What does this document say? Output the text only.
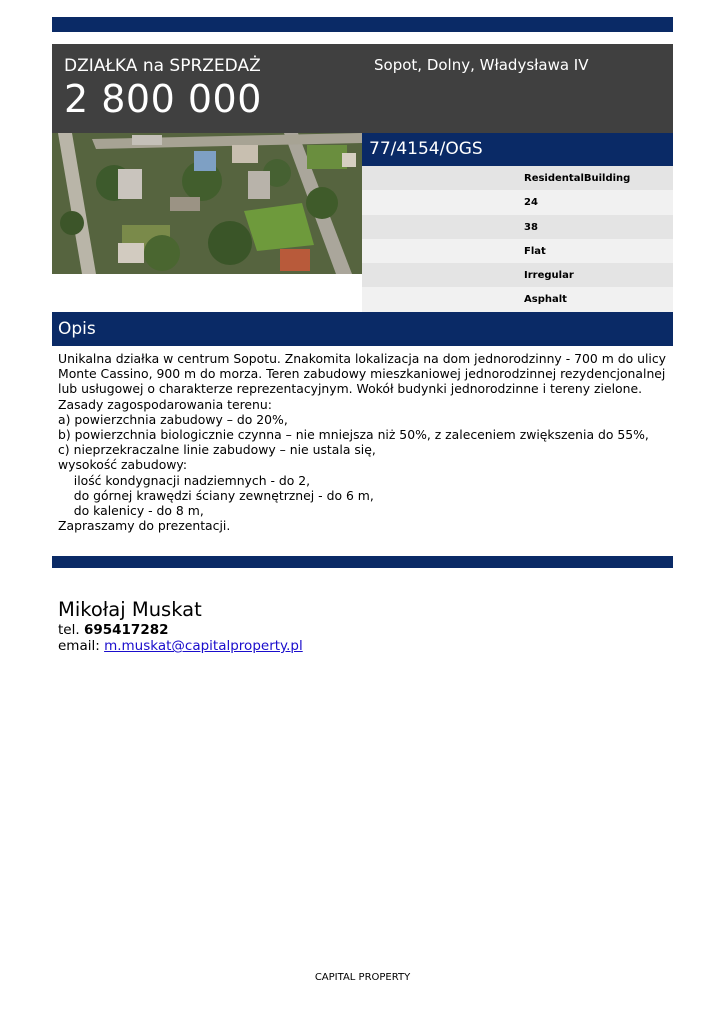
DZIAŁKA na SPRZEDAŻ
2 800 000
Sopot, Dolny, Władysława IV
77/4154/OGS
ResidentalBuilding
24
38
Flat
Irregular
Asphalt
Opis
Unikalna działka w centrum Sopotu. Znakomita lokalizacja na dom jednorodzinny - 700 m do ulicy
Monte Cassino, 900 m do morza. Teren zabudowy mieszkaniowej jednorodzinnej rezydencjonalnej
lub usługowej o charakterze reprezentacyjnym. Wokół budynki jednorodzinne i tereny zielone.
Zasady zagospodarowania terenu:
a) powierzchnia zabudowy – do 20%,
b) powierzchnia biologicznie czynna – nie mniejsza niż 50%, z zaleceniem zwiększenia do 55%,
c) nieprzekraczalne linie zabudowy – nie ustala się,
wysokość zabudowy:
ilość kondygnacji nadziemnych - do 2,
do górnej krawędzi ściany zewnętrznej - do 6 m,
do kalenicy - do 8 m,
Zapraszamy do prezentacji.
Mikołaj Muskat
tel. 695417282
email: m.muskat@capitalproperty.pl
CAPITAL PROPERTY
